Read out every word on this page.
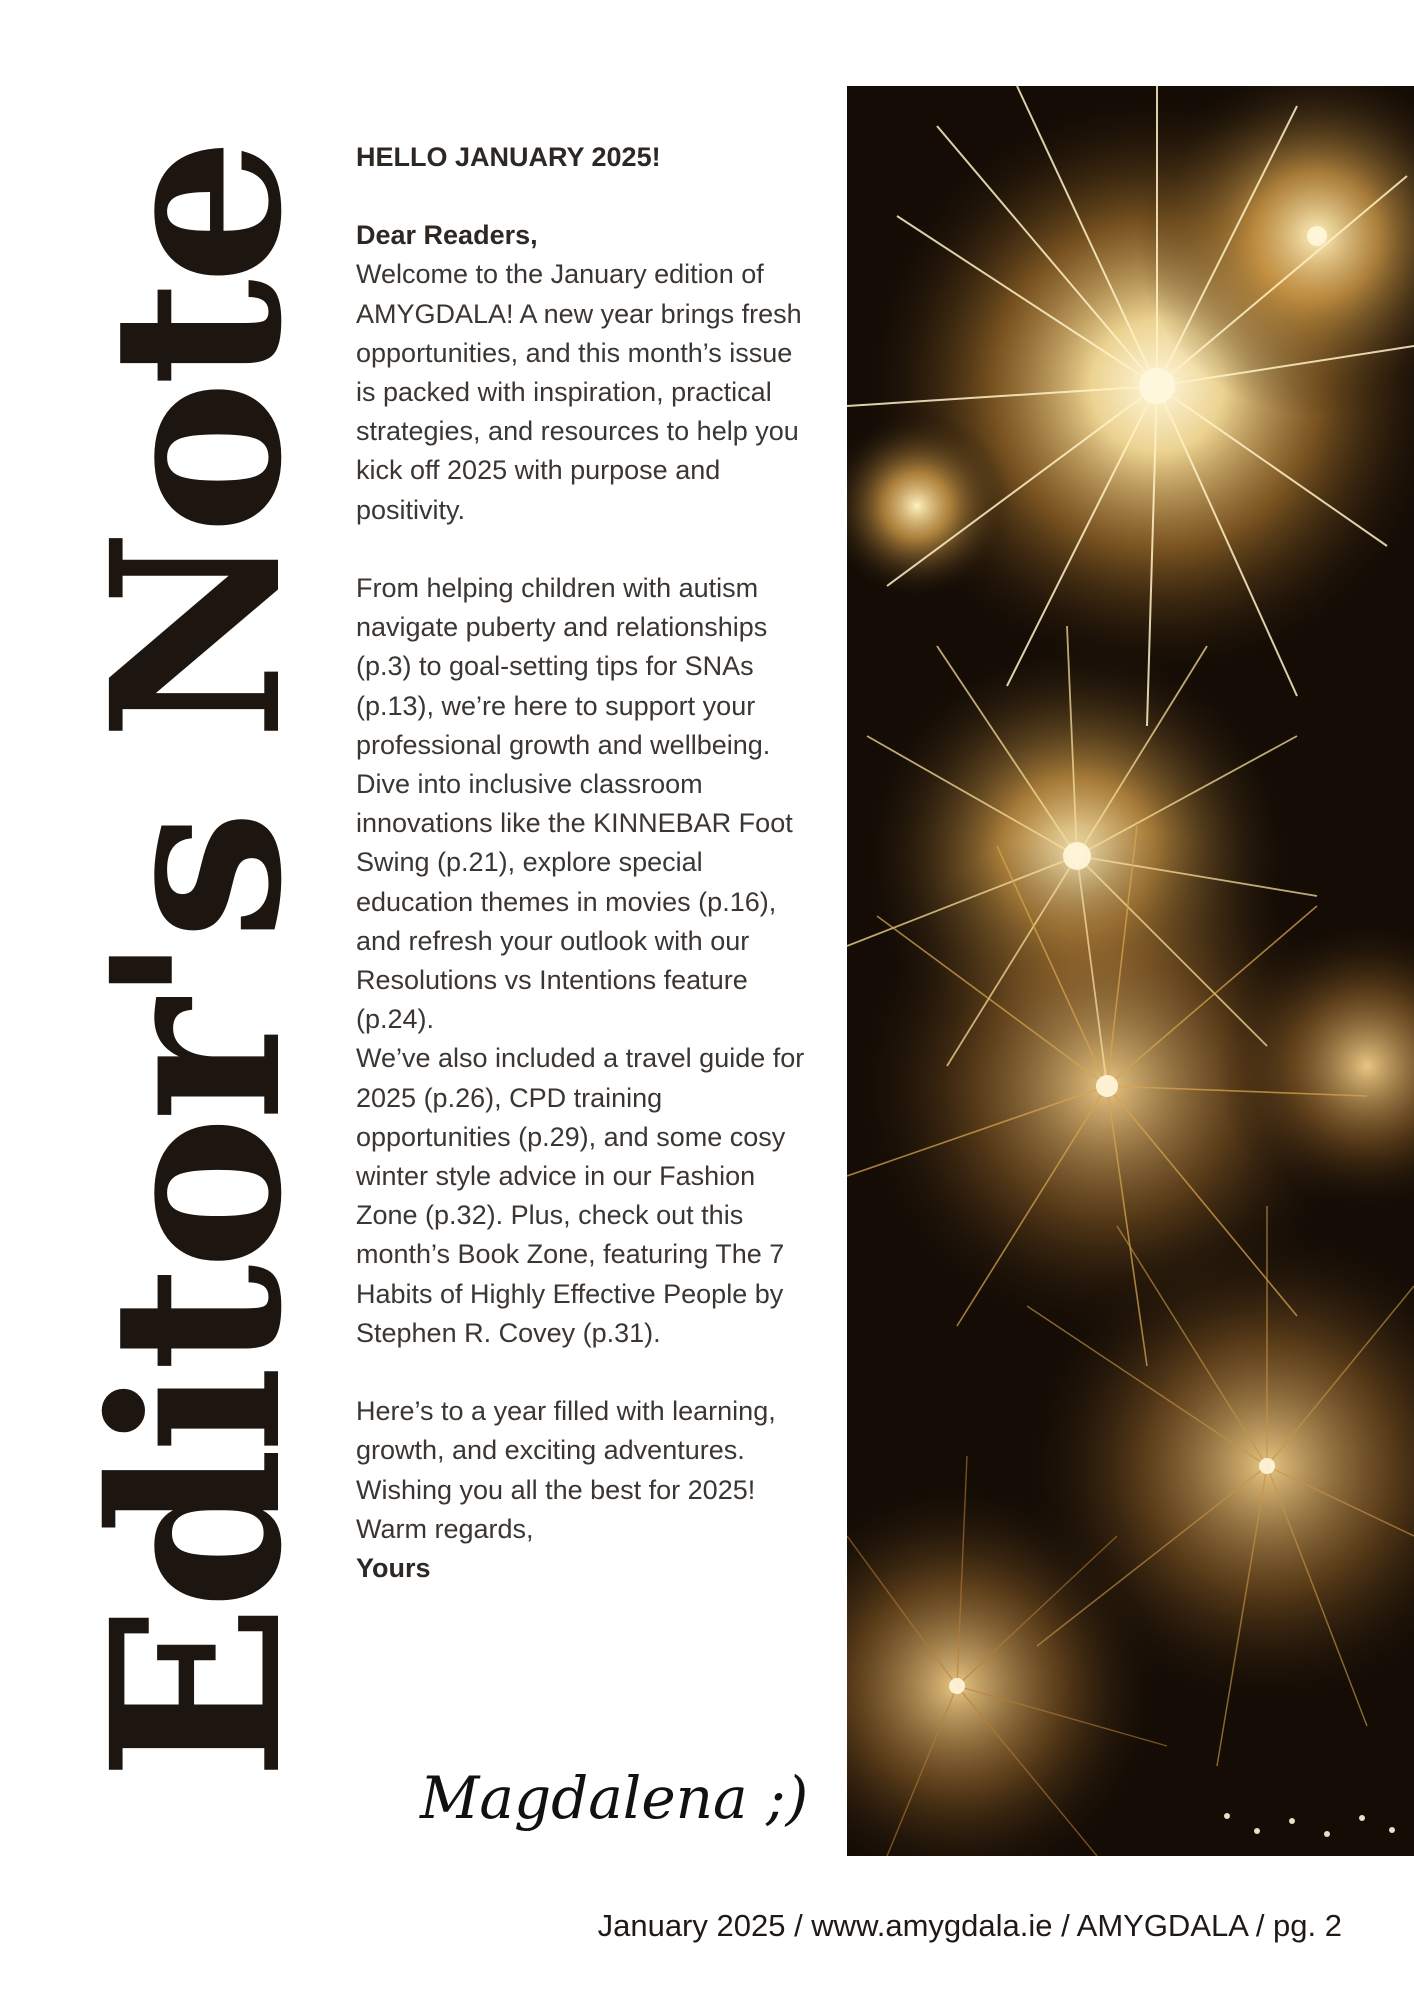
Editor's Note HELLO JANUARY 2025!

Dear Readers,

Welcome to the January edition of AMYGDALA! A new year brings fresh opportunities, and this month’s issue is packed with inspiration, practical strategies, and resources to help you kick off 2025 with purpose and positivity.

From helping children with autism navigate puberty and relationships (p.3) to goal-setting tips for SNAs (p.13), we’re here to support your professional growth and wellbeing. Dive into inclusive classroom innovations like the KINNEBAR Foot Swing (p.21), explore special education themes in movies (p.16), and refresh your outlook with our Resolutions vs Intentions feature (p.24).

We’ve also included a travel guide for 2025 (p.26), CPD training opportunities (p.29), and some cosy winter style advice in our Fashion Zone (p.32). Plus, check out this month’s Book Zone, featuring The 7 Habits of Highly Effective People by Stephen R. Covey (p.31).

Here’s to a year filled with learning, growth, and exciting adventures. Wishing you all the best for 2025!

Warm regards,

Yours

Magdalena ;)
January 2025 / www.amygdala.ie / AMYGDALA / pg. 2
